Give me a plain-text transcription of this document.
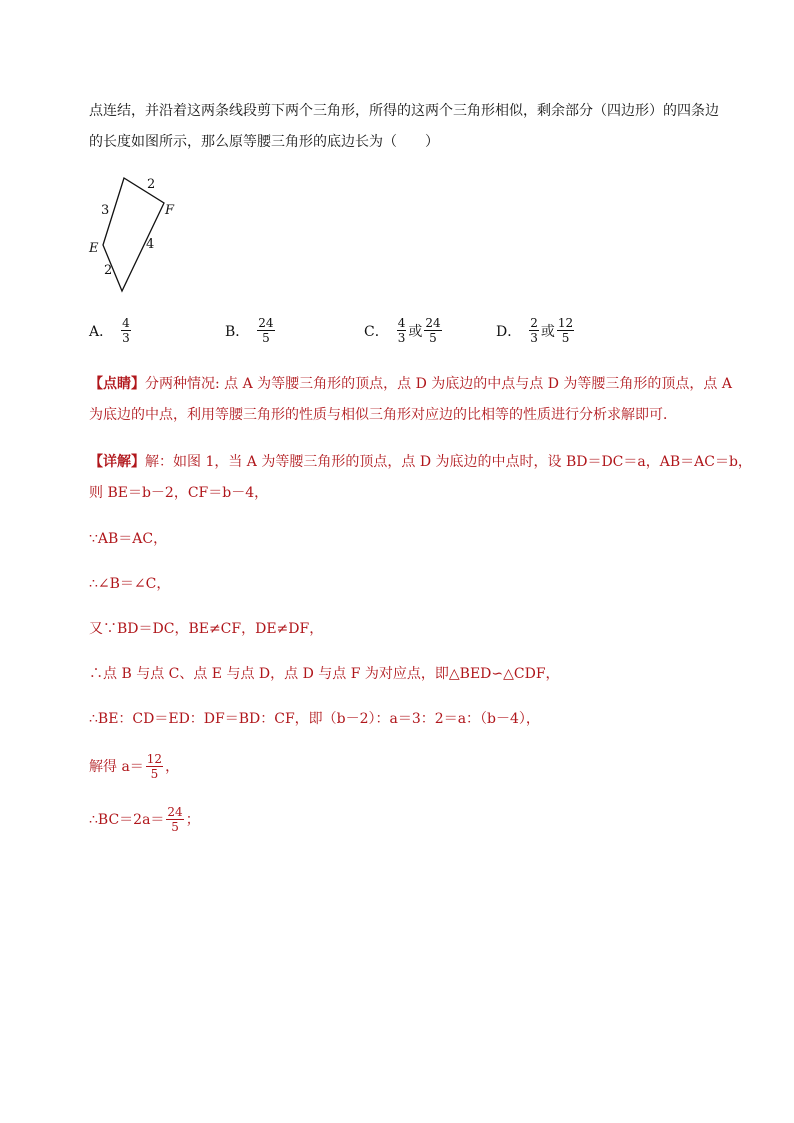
点连结，并沿着这两条线段剪下两个三角形，所得的这两个三角形相似，剩余部分（四边形）的四条边
的长度如图所示，那么原等腰三角形的底边长为（　　）
2
3	F
4
E
2
A． $\frac{4}{3}$	B． $\frac{24}{5}$	C． $\frac{4}{3}$ 或 $\frac{24}{5}$	D． $\frac{2}{3}$ 或 $\frac{12}{5}$
【点睛】分两种情况: 点 A 为等腰三角形的顶点，点 D 为底边的中点与点 D 为等腰三角形的顶点，点 A
为底边的中点，利用等腰三角形的性质与相似三角形对应边的比相等的性质进行分析求解即可．
【详解】解：如图 1，当 A 为等腰三角形的顶点，点 D 为底边的中点时，设 BD＝DC＝a，AB＝AC＝b，
则 BE＝b－2，CF＝b－4，
∵AB＝AC，
∴∠B＝∠C，
又∵BD＝DC，BE≠CF，DE≠DF，
∴点 B 与点 C、点 E 与点 D，点 D 与点 F 为对应点，即△BED∽△CDF，
∴BE：CD＝ED：DF＝BD：CF，即（b－2）：a＝3：2＝a：（b－4），
解得 $a= \frac{12}{5}$ ，
∴BC＝2a＝ $\frac{24}{5}$ ；
